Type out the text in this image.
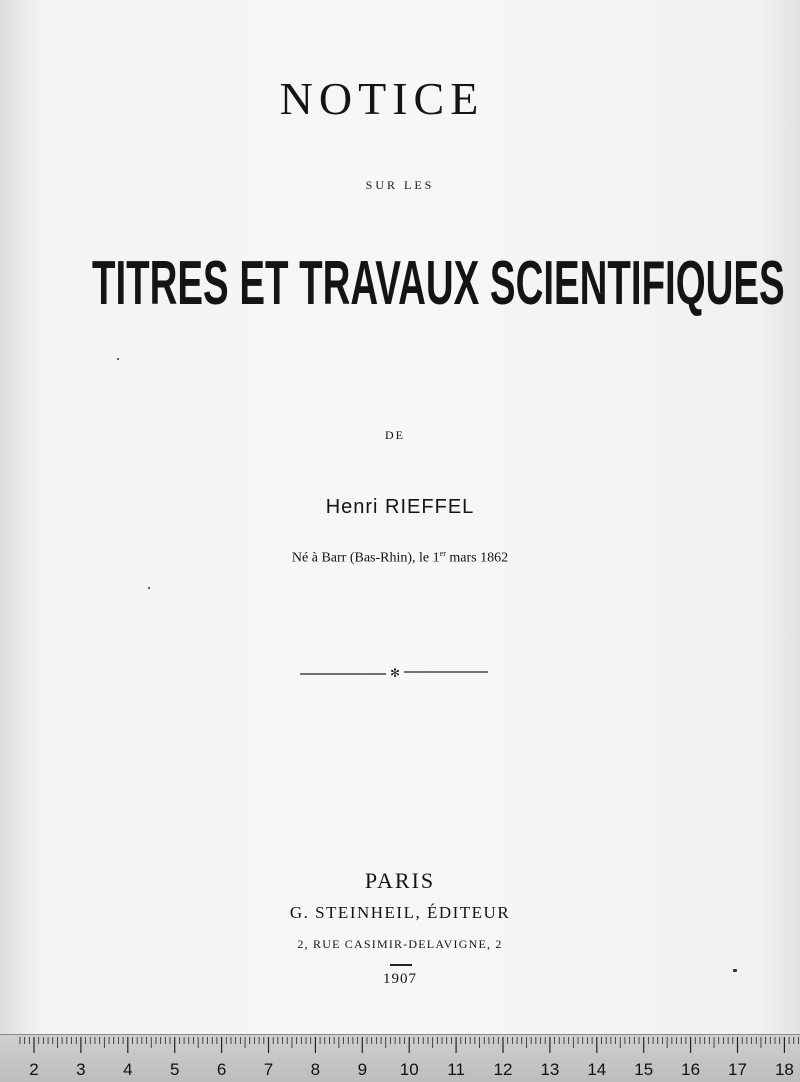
NOTICE
SUR LES
TITRES ET TRAVAUX SCIENTIFIQUES
DE
Henri RIEFFEL
Né à Barr (Bas-Rhin), le 1er mars 1862
✻
PARIS
G. STEINHEIL, ÉDITEUR
2, RUE CASIMIR-DELAVIGNE, 2
1907
2 3 4 5 6 7 8 9 10 11 12 13 14 15 16 17 18
